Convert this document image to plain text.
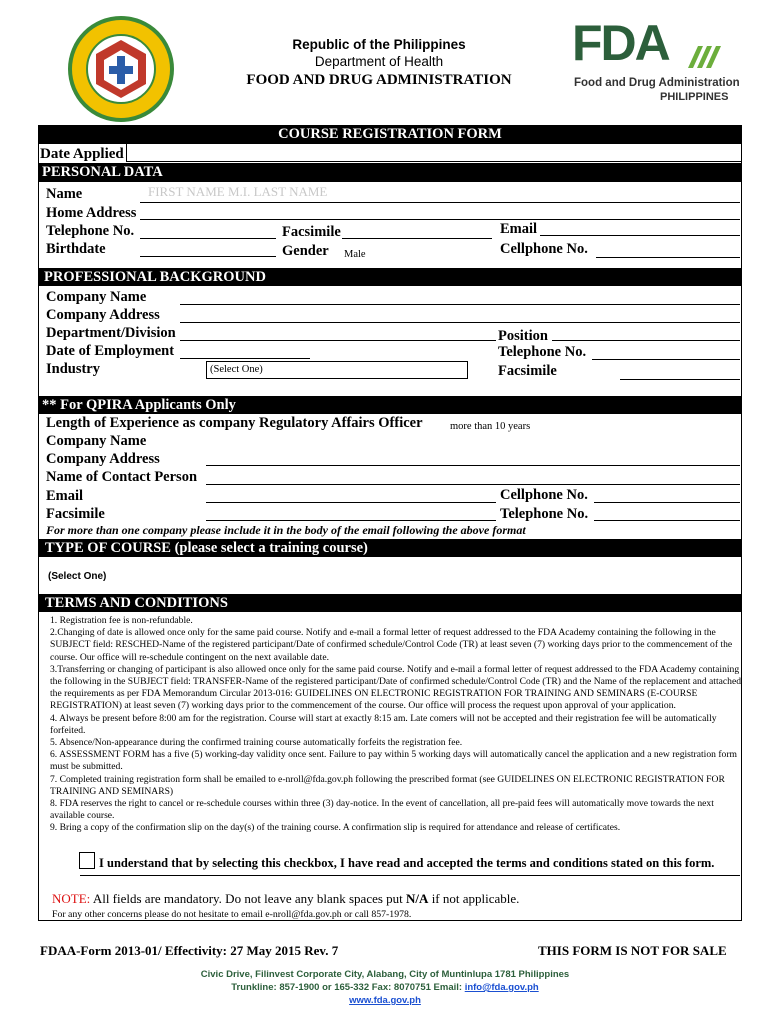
Republic of the Philippines
Department of Health
FOOD AND DRUG ADMINISTRATION
FDA
Food and Drug Administration
PHILIPPINES
COURSE REGISTRATION FORM
Date Applied
PERSONAL DATA
Name	FIRST NAME M.I. LAST NAME
Home Address
Telephone No.	Facsimile	Email
Birthdate	Gender Male	Cellphone No.
PROFESSIONAL BACKGROUND
Company Name
Company Address
Department/Division	Position
Date of Employment	Telephone No.
Industry	(Select One)	Facsimile
** For QPIRA Applicants Only
Length of Experience as company Regulatory Affairs Officer	more than 10 years
Company Name
Company Address
Name of Contact Person
Email	Cellphone No.
Facsimile	Telephone No.
For more than one company please include it in the body of the email following the above format
TYPE OF COURSE (please select a training course)
(Select One)
TERMS AND CONDITIONS

1. Registration fee is non-refundable.

2.Changing of date is allowed once only for the same paid course. Notify and e-mail a formal letter of request addressed to the FDA Academy containing the following in the SUBJECT field: RESCHED-Name of the registered participant/Date of confirmed schedule/Control Code (TR) at least seven (7) working days prior to the commencement of the course. Our office will re-schedule contingent on the next available date.

3.Transferring or changing of participant is also allowed once only for the same paid course. Notify and e-mail a formal letter of request addressed to the FDA Academy containing the following in the SUBJECT field: TRANSFER-Name of the registered participant/Date of confirmed schedule/Control Code (TR) and the Name of the replacement and attached the requirements as per FDA Memorandum Circular 2013-016: GUIDELINES ON ELECTRONIC REGISTRATION FOR TRAINING AND SEMINARS (E-COURSE REGISTRATION) at least seven (7) working days prior to the commencement of the course. Our office will process the request upon approval of your application.

4. Always be present before 8:00 am for the registration. Course will start at exactly 8:15 am. Late comers will not be accepted and their registration fee will be automatically forfeited.

5. Absence/Non-appearance during the confirmed training course automatically forfeits the registration fee.

6. ASSESSMENT FORM has a five (5) working-day validity once sent. Failure to pay within 5 working days will automatically cancel the application and a new registration form must be submitted.

7. Completed training registration form shall be emailed to e-nroll@fda.gov.ph following the prescribed format (see GUIDELINES ON ELECTRONIC REGISTRATION FOR TRAINING AND SEMINARS)

8. FDA reserves the right to cancel or re-schedule courses within three (3) day-notice. In the event of cancellation, all pre-paid fees will automatically move towards the next available course.

9. Bring a copy of the confirmation slip on the day(s) of the training course. A confirmation slip is required for attendance and release of certificates.

I understand that by selecting this checkbox, I have read and accepted the terms and conditions stated on this form.
NOTE: All fields are mandatory. Do not leave any blank spaces put N/A if not applicable.
For any other concerns please do not hesitate to email e-nroll@fda.gov.ph or call 857-1978.
FDAA-Form 2013-01/ Effectivity: 27 May 2015 Rev. 7	THIS FORM IS NOT FOR SALE
Civic Drive, Filinvest Corporate City, Alabang, City of Muntinlupa 1781 Philippines
Trunkline: 857-1900 or 165-332 Fax: 8070751 Email: info@fda.gov.ph
www.fda.gov.ph
